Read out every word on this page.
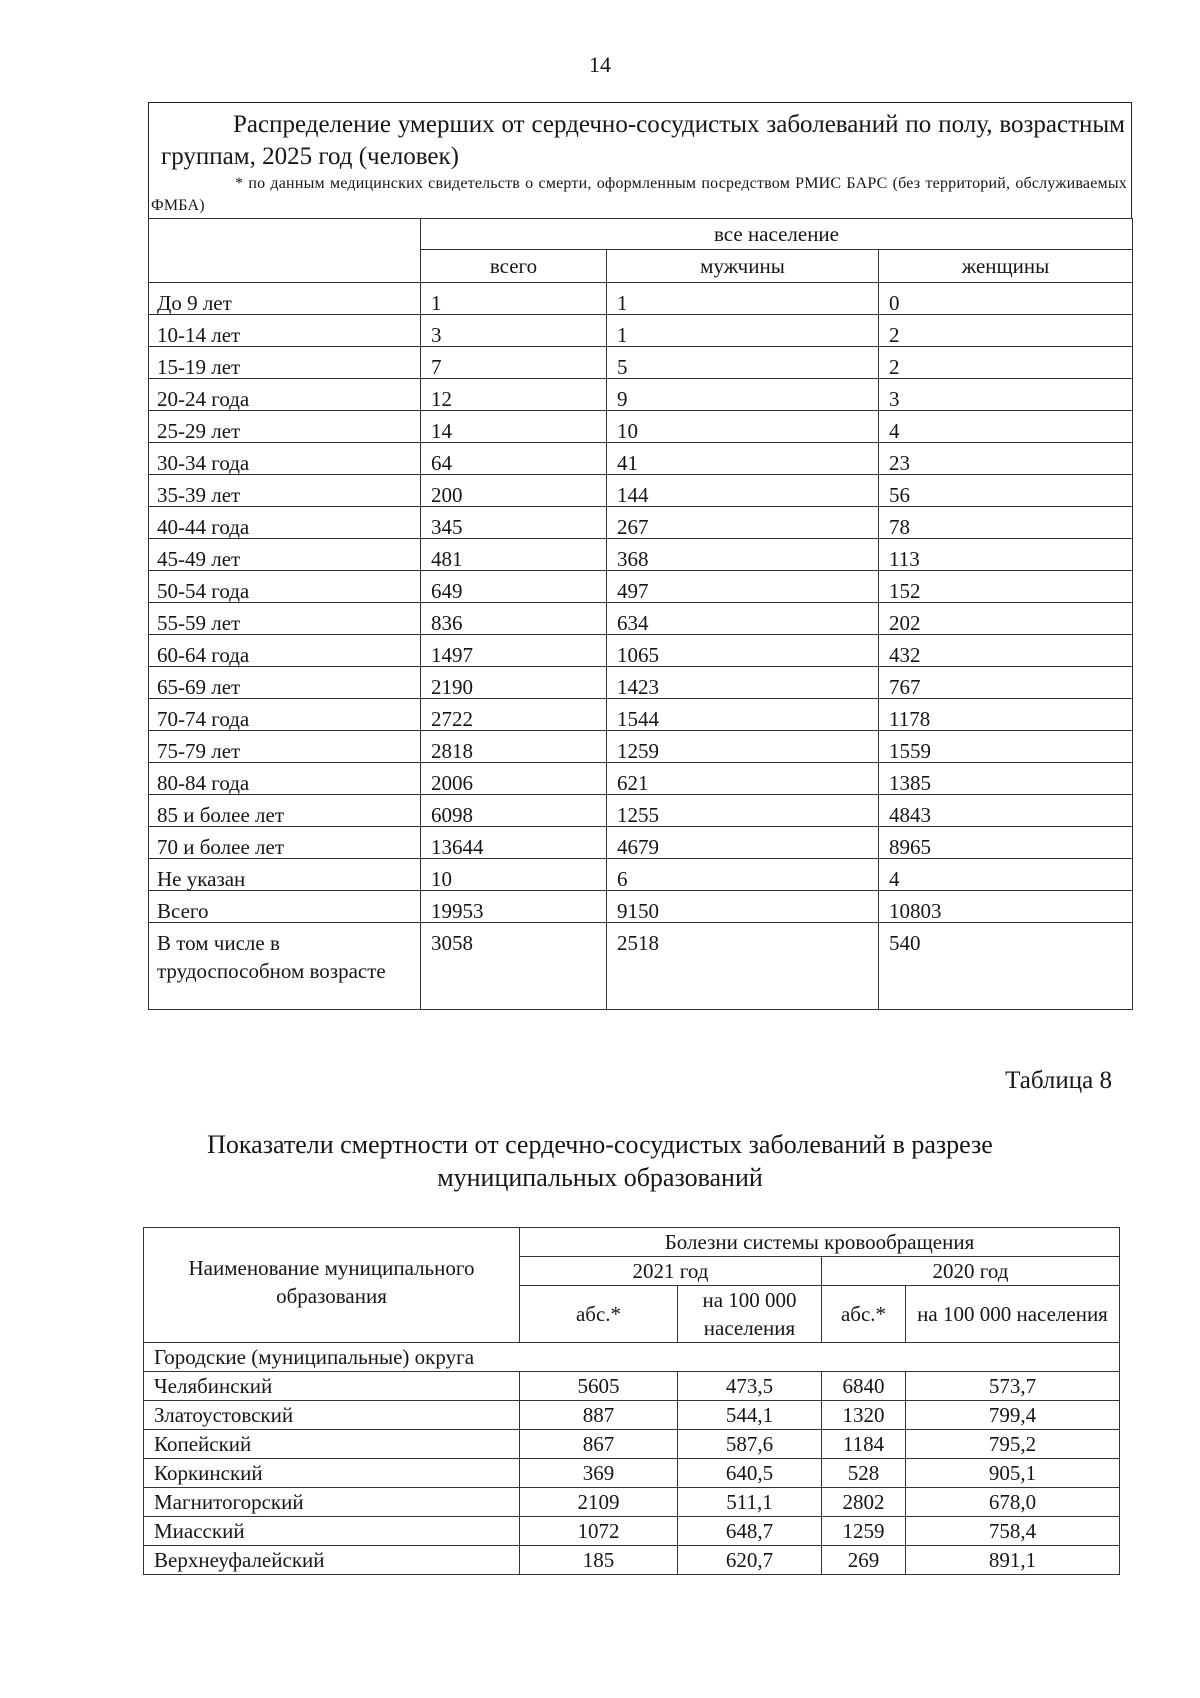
14
Распределение умерших от сердечно-сосудистых заболеваний по полу, возрастным группам, 2025 год (человек)
* по данным медицинских свидетельств о смерти, оформленным посредством РМИС БАРС (без территорий, обслуживаемых ФМБА)
	все население		
	всего	мужчины	женщины
До 9 лет	1	1	0
10-14 лет	3	1	2
15-19 лет	7	5	2
20-24 года	12	9	3
25-29 лет	14	10	4
30-34 года	64	41	23
35-39 лет	200	144	56
40-44 года	345	267	78
45-49 лет	481	368	113
50-54 года	649	497	152
55-59 лет	836	634	202
60-64 года	1497	1065	432
65-69 лет	2190	1423	767
70-74 года	2722	1544	1178
75-79 лет	2818	1259	1559
80-84 года	2006	621	1385
85 и более лет	6098	1255	4843
70 и более лет	13644	4679	8965
Не указан	10	6	4
Всего	19953	9150	10803
В том числе в трудоспособном возрасте	3058	2518	540
Таблица 8
Показатели смертности от сердечно-сосудистых заболеваний в разрезе
муниципальных образований
Наименование муниципального образования	Болезни системы кровообращения			
	2021 год		2020 год	
	абс.*	на 100 000 населения	абс.*	на 100 000 населения
Городские (муниципальные) округа				
Челябинский	5605	473,5	6840	573,7
Златоустовский	887	544,1	1320	799,4
Копейский	867	587,6	1184	795,2
Коркинский	369	640,5	528	905,1
Магнитогорский	2109	511,1	2802	678,0
Миасский	1072	648,7	1259	758,4
Верхнеуфалейский	185	620,7	269	891,1
